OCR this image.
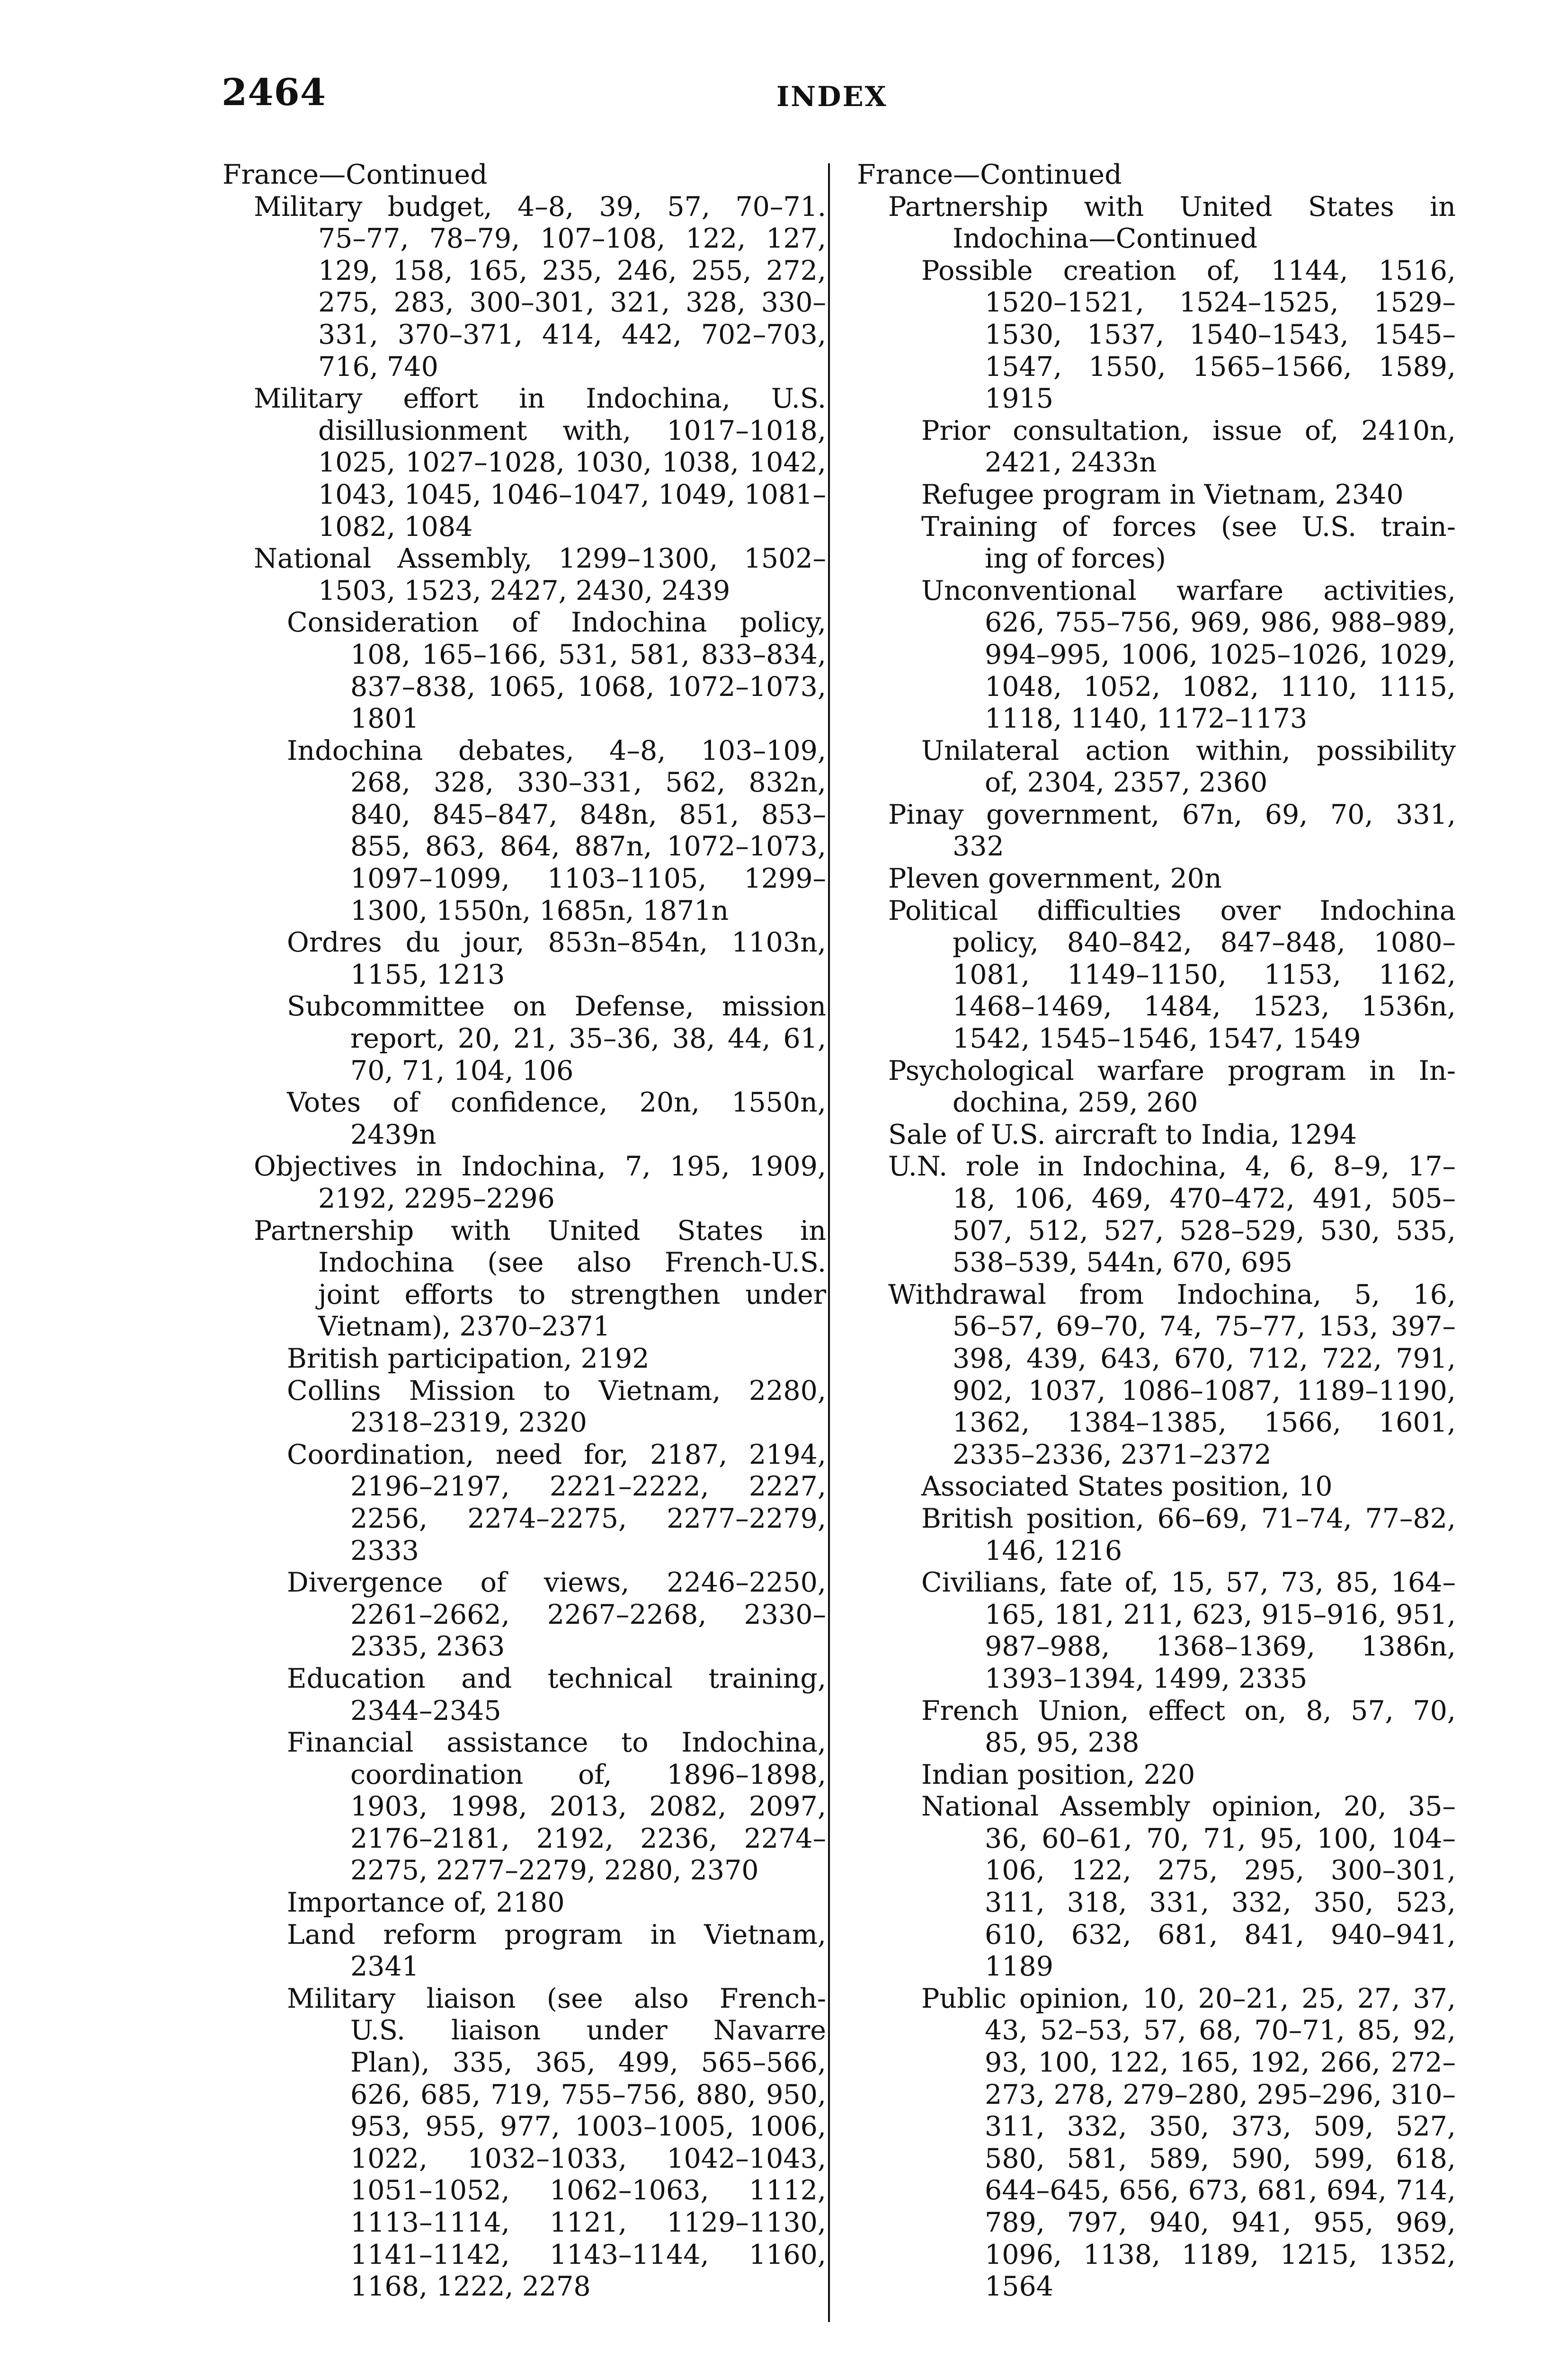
2464	INDEX
France—Continued
Military budget, 4–8, 39, 57, 70–71.
75–77, 78–79, 107–108, 122, 127,
129, 158, 165, 235, 246, 255, 272,
275, 283, 300–301, 321, 328, 330–
331, 370–371, 414, 442, 702–703,
716, 740
Military effort in Indochina, U.S.
disillusionment with, 1017–1018,
1025, 1027–1028, 1030, 1038, 1042,
1043, 1045, 1046–1047, 1049, 1081–
1082, 1084
National Assembly, 1299–1300, 1502–
1503, 1523, 2427, 2430, 2439
Consideration of Indochina policy,
108, 165–166, 531, 581, 833–834,
837–838, 1065, 1068, 1072–1073,
1801
Indochina debates, 4–8, 103–109,
268, 328, 330–331, 562, 832n,
840, 845–847, 848n, 851, 853–
855, 863, 864, 887n, 1072–1073,
1097–1099, 1103–1105, 1299–
1300, 1550n, 1685n, 1871n
Ordres du jour, 853n–854n, 1103n,
1155, 1213
Subcommittee on Defense, mission
report, 20, 21, 35–36, 38, 44, 61,
70, 71, 104, 106
Votes of confidence, 20n, 1550n,
2439n
Objectives in Indochina, 7, 195, 1909,
2192, 2295–2296
Partnership with United States in
Indochina (see also French-U.S.
joint efforts to strengthen under
Vietnam), 2370–2371
British participation, 2192
Collins Mission to Vietnam, 2280,
2318–2319, 2320
Coordination, need for, 2187, 2194,
2196–2197, 2221–2222, 2227,
2256, 2274–2275, 2277–2279,
2333
Divergence of views, 2246–2250,
2261–2662, 2267–2268, 2330–
2335, 2363
Education and technical training,
2344–2345
Financial assistance to Indochina,
coordination of, 1896–1898,
1903, 1998, 2013, 2082, 2097,
2176–2181, 2192, 2236, 2274–
2275, 2277–2279, 2280, 2370
Importance of, 2180
Land reform program in Vietnam,
2341
Military liaison (see also French-
U.S. liaison under Navarre
Plan), 335, 365, 499, 565–566,
626, 685, 719, 755–756, 880, 950,
953, 955, 977, 1003–1005, 1006,
1022, 1032–1033, 1042–1043,
1051–1052, 1062–1063, 1112,
1113–1114, 1121, 1129–1130,
1141–1142, 1143–1144, 1160,
1168, 1222, 2278
France—Continued
Partnership with United States in
Indochina—Continued
Possible creation of, 1144, 1516,
1520–1521, 1524–1525, 1529–
1530, 1537, 1540–1543, 1545–
1547, 1550, 1565–1566, 1589,
1915
Prior consultation, issue of, 2410n,
2421, 2433n
Refugee program in Vietnam, 2340
Training of forces (see U.S. train-
ing of forces)
Unconventional warfare activities,
626, 755–756, 969, 986, 988–989,
994–995, 1006, 1025–1026, 1029,
1048, 1052, 1082, 1110, 1115,
1118, 1140, 1172–1173
Unilateral action within, possibility
of, 2304, 2357, 2360
Pinay government, 67n, 69, 70, 331,
332
Pleven government, 20n
Political difficulties over Indochina
policy, 840–842, 847–848, 1080–
1081, 1149–1150, 1153, 1162,
1468–1469, 1484, 1523, 1536n,
1542, 1545–1546, 1547, 1549
Psychological warfare program in In-
dochina, 259, 260
Sale of U.S. aircraft to India, 1294
U.N. role in Indochina, 4, 6, 8–9, 17–
18, 106, 469, 470–472, 491, 505–
507, 512, 527, 528–529, 530, 535,
538–539, 544n, 670, 695
Withdrawal from Indochina, 5, 16,
56–57, 69–70, 74, 75–77, 153, 397–
398, 439, 643, 670, 712, 722, 791,
902, 1037, 1086–1087, 1189–1190,
1362, 1384–1385, 1566, 1601,
2335–2336, 2371–2372
Associated States position, 10
British position, 66–69, 71–74, 77–82,
146, 1216
Civilians, fate of, 15, 57, 73, 85, 164–
165, 181, 211, 623, 915–916, 951,
987–988, 1368–1369, 1386n,
1393–1394, 1499, 2335
French Union, effect on, 8, 57, 70,
85, 95, 238
Indian position, 220
National Assembly opinion, 20, 35–
36, 60–61, 70, 71, 95, 100, 104–
106, 122, 275, 295, 300–301,
311, 318, 331, 332, 350, 523,
610, 632, 681, 841, 940–941,
1189
Public opinion, 10, 20–21, 25, 27, 37,
43, 52–53, 57, 68, 70–71, 85, 92,
93, 100, 122, 165, 192, 266, 272–
273, 278, 279–280, 295–296, 310–
311, 332, 350, 373, 509, 527,
580, 581, 589, 590, 599, 618,
644–645, 656, 673, 681, 694, 714,
789, 797, 940, 941, 955, 969,
1096, 1138, 1189, 1215, 1352,
1564
